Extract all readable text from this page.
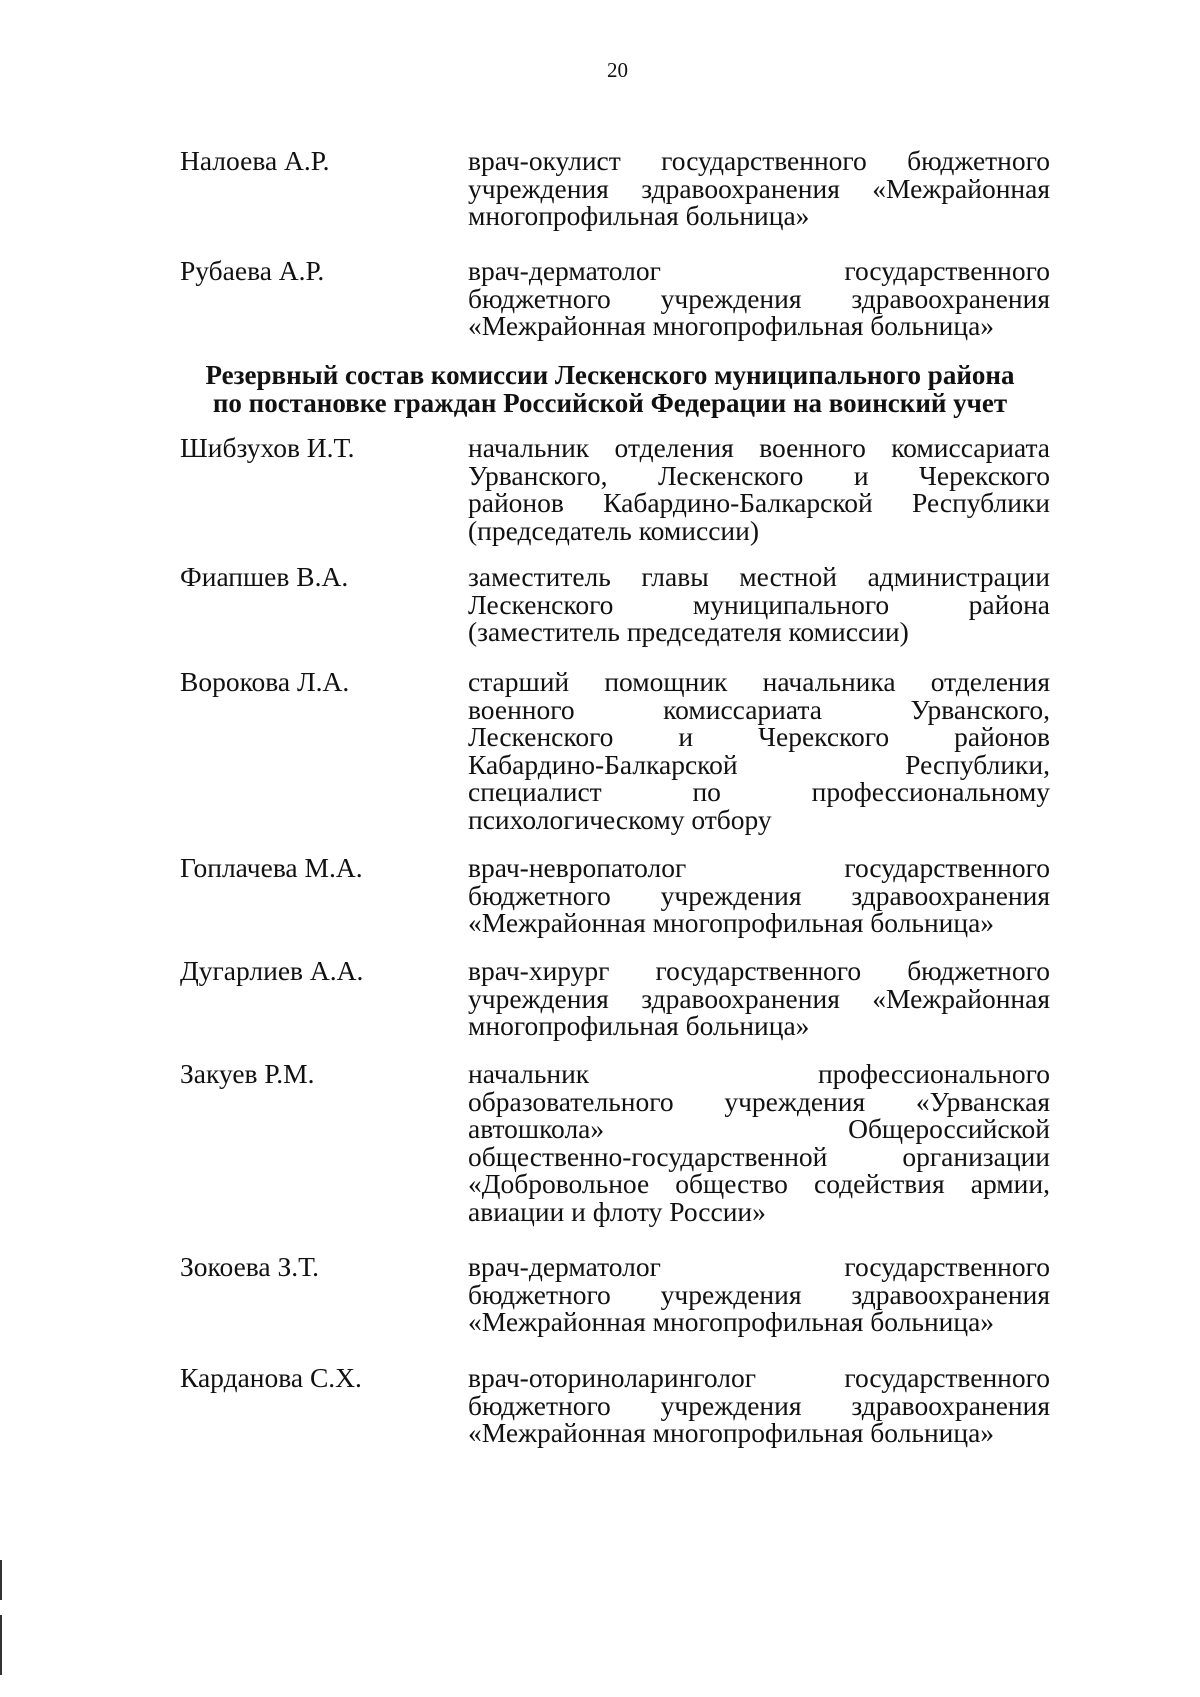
20
Налоева А.Р.	врач-окулист государственного бюджетного
учреждения здравоохранения «Межрайонная
многопрофильная больница»
Рубаева А.Р.	врач-дерматолог государственного
бюджетного учреждения здравоохранения
«Межрайонная многопрофильная больница»
Резервный состав комиссии Лескенского муниципального района
по постановке граждан Российской Федерации на воинский учет
Шибзухов И.Т.	начальник отделения военного комиссариата
Урванского, Лескенского и Черекского
районов Кабардино-Балкарской Республики
(председатель комиссии)
Фиапшев В.А.	заместитель главы местной администрации
Лескенского муниципального района
(заместитель председателя комиссии)
Ворокова Л.А.	старший помощник начальника отделения
военного комиссариата Урванского,
Лескенского и Черекского районов
Кабардино-Балкарской Республики,
специалист по профессиональному
психологическому отбору
Гоплачева М.А.	врач-невропатолог государственного
бюджетного учреждения здравоохранения
«Межрайонная многопрофильная больница»
Дугарлиев А.А.	врач-хирург государственного бюджетного
учреждения здравоохранения «Межрайонная
многопрофильная больница»
Закуев Р.М.	начальник профессионального
образовательного учреждения «Урванская
автошкола» Общероссийской
общественно-государственной организации
«Добровольное общество содействия армии,
авиации и флоту России»
Зокоева З.Т.	врач-дерматолог государственного
бюджетного учреждения здравоохранения
«Межрайонная многопрофильная больница»
Карданова С.Х.	врач-оториноларинголог государственного
бюджетного учреждения здравоохранения
«Межрайонная многопрофильная больница»
